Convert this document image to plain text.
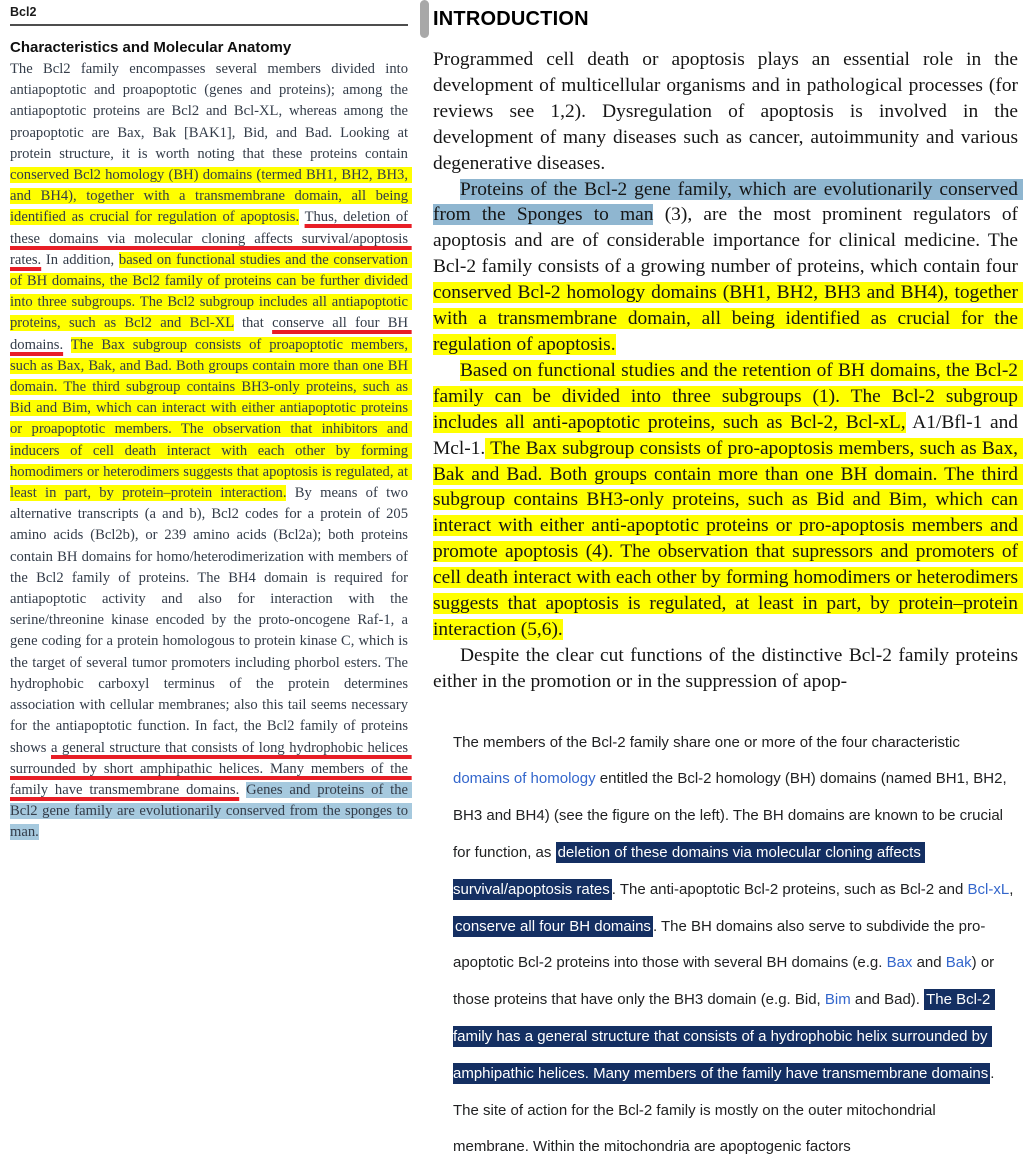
Bcl2
Characteristics and Molecular Anatomy
The Bcl2 family encompasses several members divided into antiapoptotic and proapoptotic (genes and proteins); among the antiapoptotic proteins are Bcl2 and Bcl-XL, whereas among the proapoptotic are Bax, Bak [BAK1], Bid, and Bad. Looking at protein structure, it is worth noting that these proteins contain conserved Bcl2 homology (BH) domains (termed BH1, BH2, BH3, and BH4), together with a transmembrane domain, all being identified as crucial for regulation of apoptosis. Thus, deletion of these domains via molecular cloning affects survival/apoptosis rates. In addition, based on functional studies and the conservation of BH domains, the Bcl2 family of proteins can be further divided into three subgroups. The Bcl2 subgroup includes all antiapoptotic proteins, such as Bcl2 and Bcl-XL that conserve all four BH domains. The Bax subgroup consists of proapoptotic members, such as Bax, Bak, and Bad. Both groups contain more than one BH domain. The third subgroup contains BH3-only proteins, such as Bid and Bim, which can interact with either antiapoptotic proteins or proapoptotic members. The observation that inhibitors and inducers of cell death interact with each other by forming homodimers or heterodimers suggests that apoptosis is regulated, at least in part, by protein–protein interaction. By means of two alternative transcripts (a and b), Bcl2 codes for a protein of 205 amino acids (Bcl2b), or 239 amino acids (Bcl2a); both proteins contain BH domains for homo/heterodimerization with members of the Bcl2 family of proteins. The BH4 domain is required for antiapoptotic activity and also for interaction with the serine/threonine kinase encoded by the proto-oncogene Raf-1, a gene coding for a protein homologous to protein kinase C, which is the target of several tumor promoters including phorbol esters. The hydrophobic carboxyl terminus of the protein determines association with cellular membranes; also this tail seems necessary for the antiapoptotic function. In fact, the Bcl2 family of proteins shows a general structure that consists of long hydrophobic helices surrounded by short amphipathic helices. Many members of the family have transmembrane domains. Genes and proteins of the Bcl2 gene family are evolutionarily conserved from the sponges to man.
INTRODUCTION

Programmed cell death or apoptosis plays an essential role in the development of multicellular organisms and in pathological processes (for reviews see 1,2). Dysregulation of apoptosis is involved in the development of many diseases such as cancer, autoimmunity and various degenerative diseases.

Proteins of the Bcl-2 gene family, which are evolutionarily conserved from the Sponges to man (3), are the most prominent regulators of apoptosis and are of considerable importance for clinical medicine. The Bcl-2 family consists of a growing number of proteins, which contain four conserved Bcl-2 homology domains (BH1, BH2, BH3 and BH4), together with a transmembrane domain, all being identified as crucial for the regulation of apoptosis.

Based on functional studies and the retention of BH domains, the Bcl-2 family can be divided into three subgroups (1). The Bcl-2 subgroup includes all anti-apoptotic proteins, such as Bcl-2, Bcl-xL, A1/Bfl-1 and Mcl-1. The Bax subgroup consists of pro-apoptosis members, such as Bax, Bak and Bad. Both groups contain more than one BH domain. The third subgroup contains BH3-only proteins, such as Bid and Bim, which can interact with either anti-apoptotic proteins or pro-apoptosis members and promote apoptosis (4). The observation that supressors and promoters of cell death interact with each other by forming homodimers or heterodimers suggests that apoptosis is regulated, at least in part, by protein–protein interaction (5,6).

Despite the clear cut functions of the distinctive Bcl-2 family proteins either in the promotion or in the suppression of apop-

The members of the Bcl-2 family share one or more of the four characteristic domains of homology entitled the Bcl-2 homology (BH) domains (named BH1, BH2, BH3 and BH4) (see the figure on the left). The BH domains are known to be crucial for function, as deletion of these domains via molecular cloning affects survival/apoptosis rates . The anti-apoptotic Bcl-2 proteins, such as Bcl-2 and Bcl-xL, conserve all four BH domains . The BH domains also serve to subdivide the pro-apoptotic Bcl-2 proteins into those with several BH domains (e.g. Bax and Bak) or those proteins that have only the BH3 domain (e.g. Bid, Bim and Bad). The Bcl-2 family has a general structure that consists of a hydrophobic helix surrounded by amphipathic helices. Many members of the family have transmembrane domains . The site of action for the Bcl-2 family is mostly on the outer mitochondrial membrane. Within the mitochondria are apoptogenic factors
